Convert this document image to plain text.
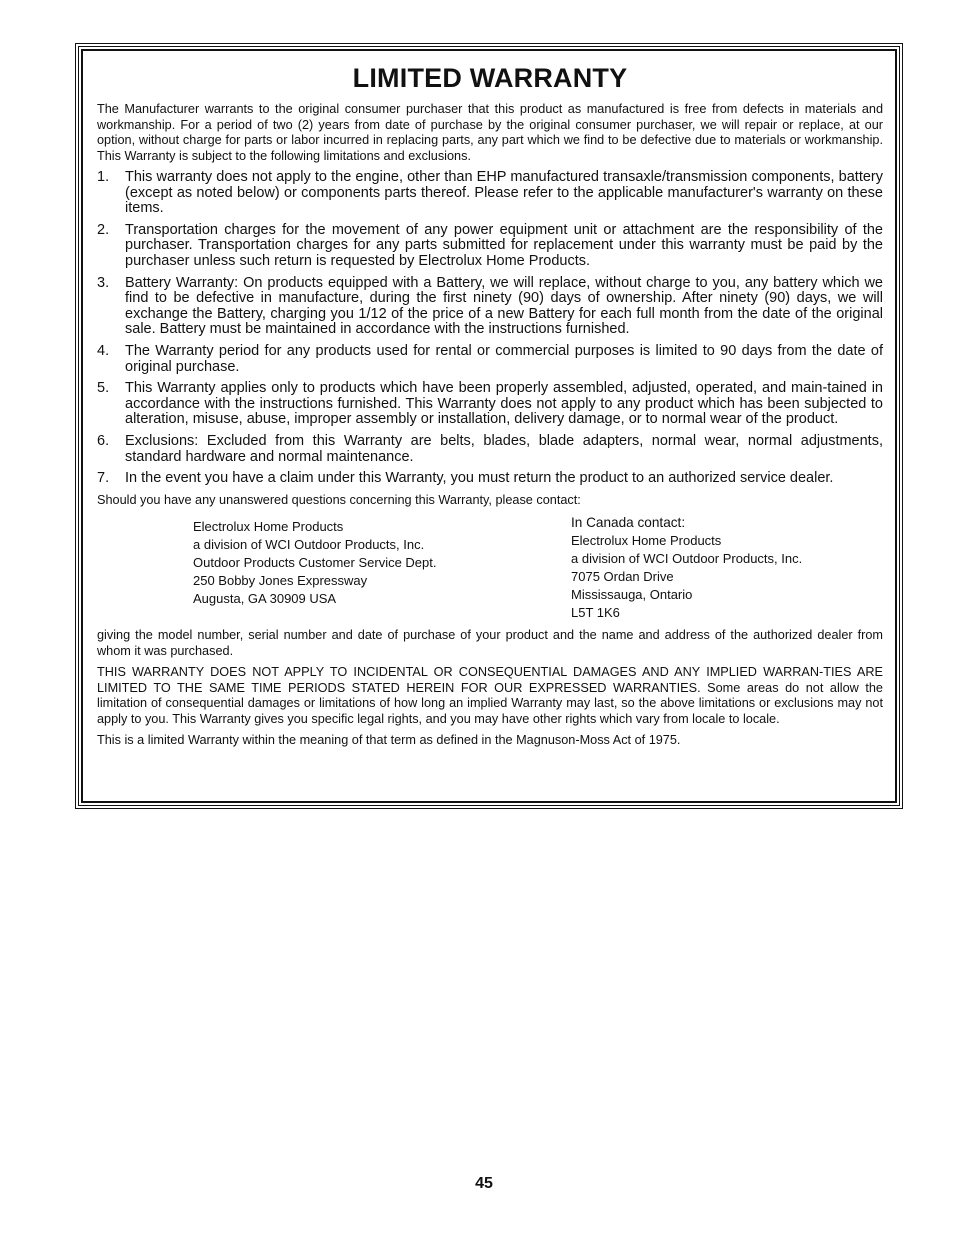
LIMITED WARRANTY

The Manufacturer warrants to the original consumer purchaser that this product as manufactured is free from defects in materials and workmanship. For a period of two (2) years from date of purchase by the original consumer purchaser, we will repair or replace, at our option, without charge for parts or labor incurred in replacing parts, any part which we find to be defective due to materials or workmanship. This Warranty is subject to the following limitations and exclusions.

1.	This warranty does not apply to the engine, other than EHP manufactured transaxle/transmission components, battery (except as noted below) or components parts thereof. Please refer to the applicable manufacturer's warranty on these items.
2.	Transportation charges for the movement of any power equipment unit or attachment are the responsibility of the purchaser. Transportation charges for any parts submitted for replacement under this warranty must be paid by the purchaser unless such return is requested by Electrolux Home Products.
3.	Battery Warranty: On products equipped with a Battery, we will replace, without charge to you, any battery which we find to be defective in manufacture, during the first ninety (90) days of ownership. After ninety (90) days, we will exchange the Battery, charging you 1/12 of the price of a new Battery for each full month from the date of the original sale. Battery must be maintained in accordance with the instructions furnished.
4.	The Warranty period for any products used for rental or commercial purposes is limited to 90 days from the date of original purchase.
5.	This Warranty applies only to products which have been properly assembled, adjusted, operated, and main-tained in accordance with the instructions furnished. This Warranty does not apply to any product which has been subjected to alteration, misuse, abuse, improper assembly or installation, delivery damage, or to normal wear of the product.
6.	Exclusions: Excluded from this Warranty are belts, blades, blade adapters, normal wear, normal adjustments, standard hardware and normal maintenance.
7.	In the event you have a claim under this Warranty, you must return the product to an authorized service dealer.

Should you have any unanswered questions concerning this Warranty, please contact:

Electrolux Home Products
a division of WCI Outdoor Products, Inc.
Outdoor Products Customer Service Dept.
250 Bobby Jones Expressway
Augusta, GA 30909 USA
In Canada contact:
Electrolux Home Products
a division of WCI Outdoor Products, Inc.
7075 Ordan Drive
Mississauga, Ontario
L5T 1K6

giving the model number, serial number and date of purchase of your product and the name and address of the authorized dealer from whom it was purchased.

THIS WARRANTY DOES NOT APPLY TO INCIDENTAL OR CONSEQUENTIAL DAMAGES AND ANY IMPLIED WARRAN-TIES ARE LIMITED TO THE SAME TIME PERIODS STATED HEREIN FOR OUR EXPRESSED WARRANTIES. Some areas do not allow the limitation of consequential damages or limitations of how long an implied Warranty may last, so the above limitations or exclusions may not apply to you. This Warranty gives you specific legal rights, and you may have other rights which vary from locale to locale.

This is a limited Warranty within the meaning of that term as defined in the Magnuson-Moss Act of 1975.

45
